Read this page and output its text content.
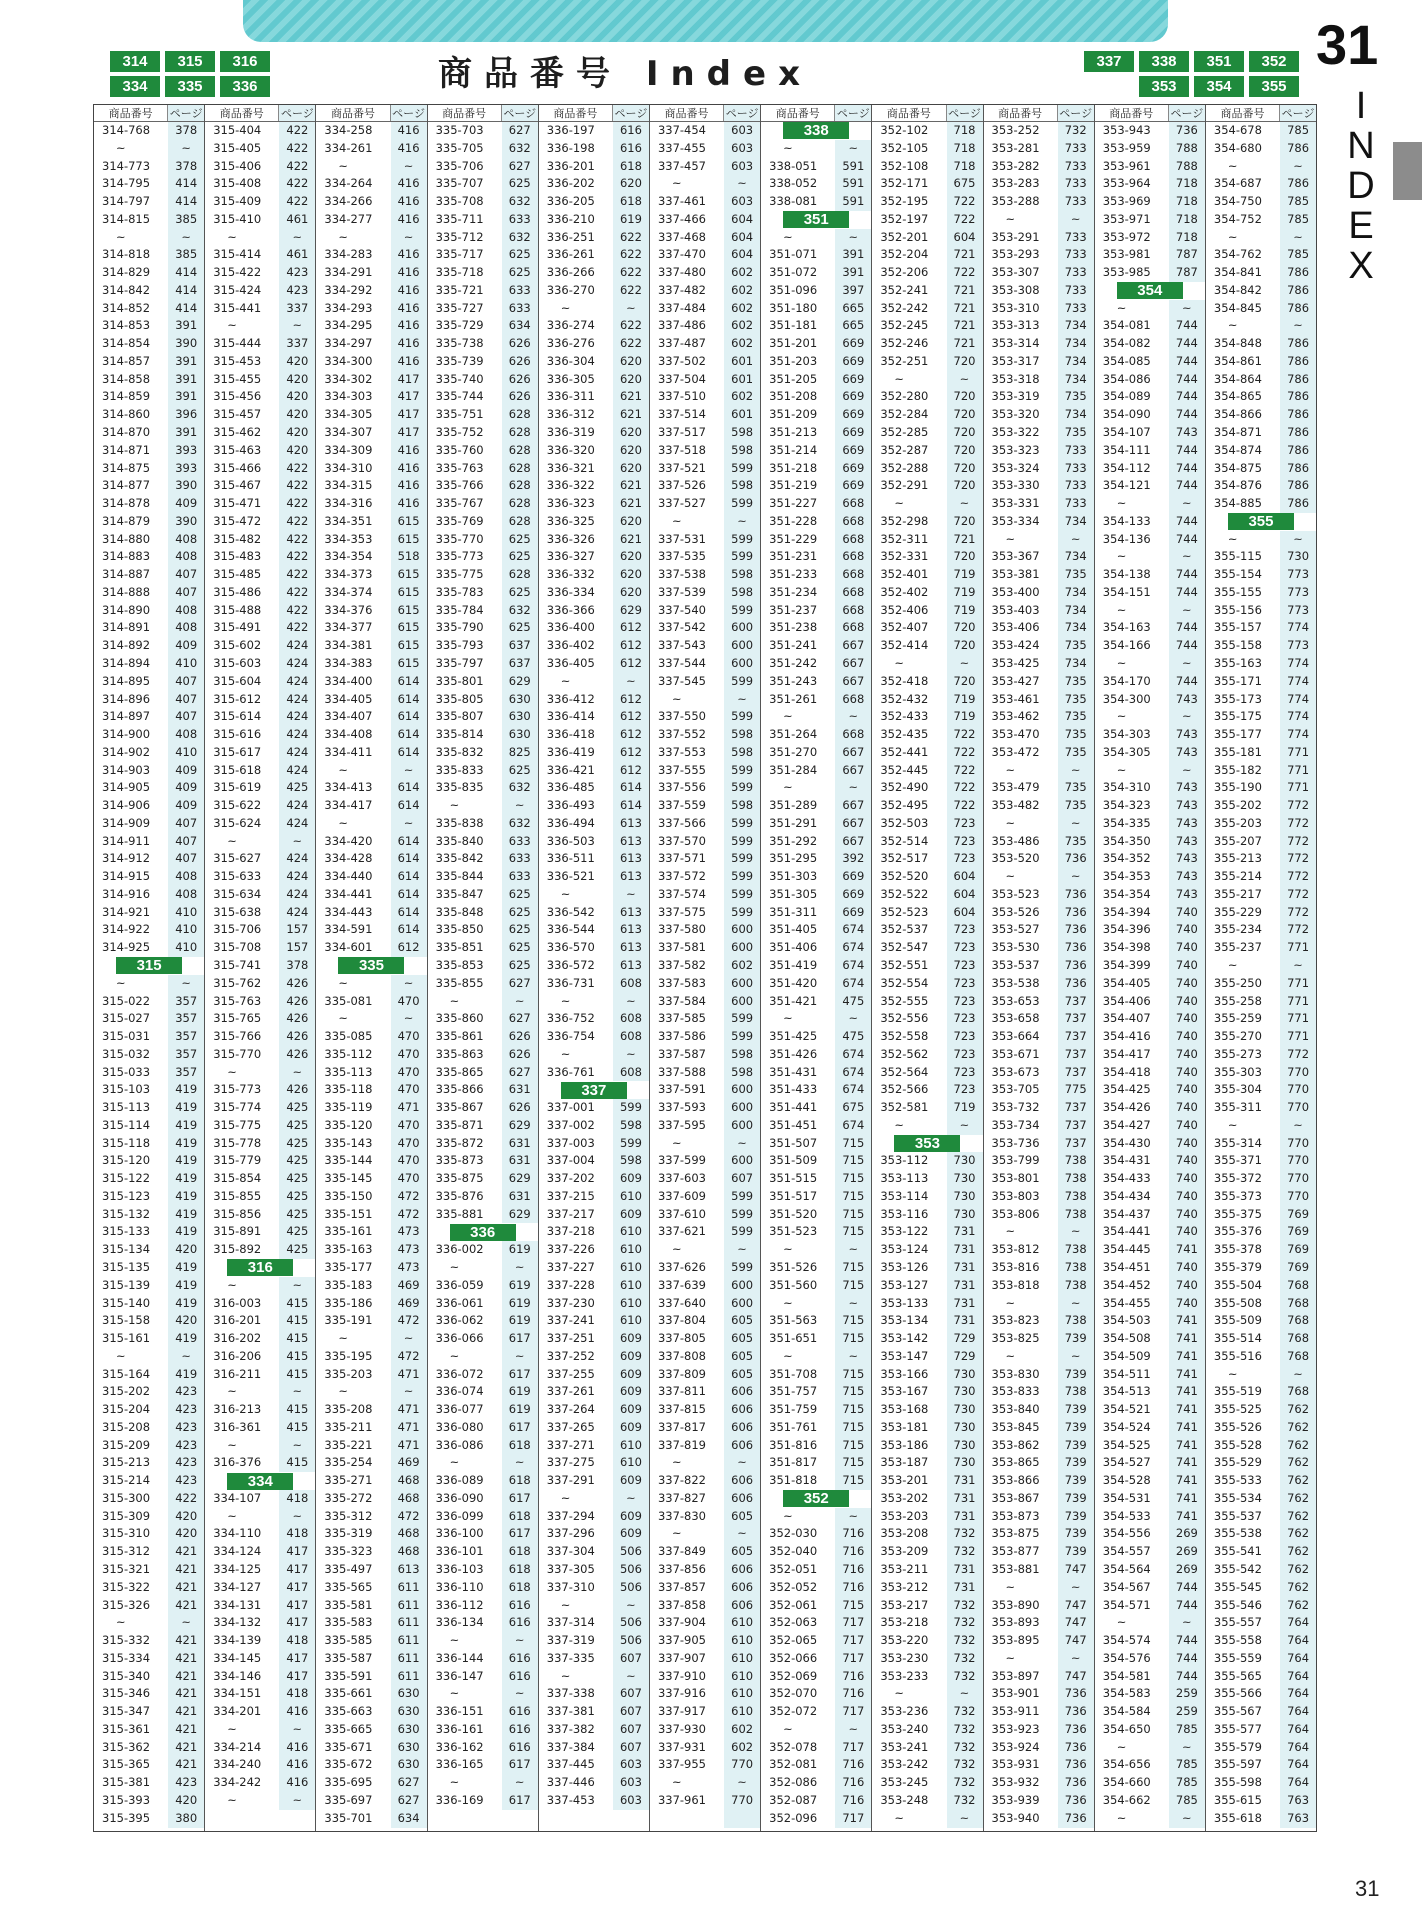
314	315	316
334	335	336
337	338	351	352
353	354	355
商品番号 Index	31
I
N
D
E
X
商品番号	ページ
314-768	378
~	~
314-773	378
314-795	414
314-797	414
314-815	385
~	~
314-818	385
314-829	414
314-842	414
314-852	414
314-853	391
314-854	390
314-857	391
314-858	391
314-859	391
314-860	396
314-870	391
314-871	393
314-875	393
314-877	390
314-878	409
314-879	390
314-880	408
314-883	408
314-887	407
314-888	407
314-890	408
314-891	408
314-892	409
314-894	410
314-895	407
314-896	407
314-897	407
314-900	408
314-902	410
314-903	409
314-905	409
314-906	409
314-909	407
314-911	407
314-912	407
314-915	408
314-916	408
314-921	410
314-922	410
314-925	410
315
~	~
315-022	357
315-027	357
315-031	357
315-032	357
315-033	357
315-103	419
315-113	419
315-114	419
315-118	419
315-120	419
315-122	419
315-123	419
315-132	419
315-133	419
315-134	420
315-135	419
315-139	419
315-140	419
315-158	420
315-161	419
~	~
315-164	419
315-202	423
315-204	423
315-208	423
315-209	423
315-213	423
315-214	423
315-300	422
315-309	420
315-310	420
315-312	421
315-321	421
315-322	421
315-326	421
~	~
315-332	421
315-334	421
315-340	421
315-346	421
315-347	421
315-361	421
315-362	421
315-365	421
315-381	423
315-393	420
315-395	380
商品番号	ページ
315-404	422
315-405	422
315-406	422
315-408	422
315-409	422
315-410	461
~	~
315-414	461
315-422	423
315-424	423
315-441	337
~	~
315-444	337
315-453	420
315-455	420
315-456	420
315-457	420
315-462	420
315-463	420
315-466	422
315-467	422
315-471	422
315-472	422
315-482	422
315-483	422
315-485	422
315-486	422
315-488	422
315-491	422
315-602	424
315-603	424
315-604	424
315-612	424
315-614	424
315-616	424
315-617	424
315-618	424
315-619	425
315-622	424
315-624	424
~	~
315-627	424
315-633	424
315-634	424
315-638	424
315-706	157
315-708	157
315-741	378
315-762	426
315-763	426
315-765	426
315-766	426
315-770	426
~	~
315-773	426
315-774	425
315-775	425
315-778	425
315-779	425
315-854	425
315-855	425
315-856	425
315-891	425
315-892	425
316
~	~
316-003	415
316-201	415
316-202	415
316-206	415
316-211	415
~	~
316-213	415
316-361	415
~	~
316-376	415
334
334-107	418
~	~
334-110	418
334-124	417
334-125	417
334-127	417
334-131	417
334-132	417
334-139	418
334-145	417
334-146	417
334-151	418
334-201	416
~	~
334-214	416
334-240	416
334-242	416
~	~
商品番号	ページ
334-258	416
334-261	416
~	~
334-264	416
334-266	416
334-277	416
~	~
334-283	416
334-291	416
334-292	416
334-293	416
334-295	416
334-297	416
334-300	416
334-302	417
334-303	417
334-305	417
334-307	417
334-309	416
334-310	416
334-315	416
334-316	416
334-351	615
334-353	615
334-354	518
334-373	615
334-374	615
334-376	615
334-377	615
334-381	615
334-383	615
334-400	614
334-405	614
334-407	614
334-408	614
334-411	614
~	~
334-413	614
334-417	614
~	~
334-420	614
334-428	614
334-440	614
334-441	614
334-443	614
334-591	614
334-601	612
335
~	~
335-081	470
~	~
335-085	470
335-112	470
335-113	470
335-118	470
335-119	471
335-120	470
335-143	470
335-144	470
335-145	470
335-150	472
335-151	472
335-161	473
335-163	473
335-177	473
335-183	469
335-186	469
335-191	472
~	~
335-195	472
335-203	471
~	~
335-208	471
335-211	471
335-221	471
335-254	469
335-271	468
335-272	468
335-312	472
335-319	468
335-323	468
335-497	613
335-565	611
335-581	611
335-583	611
335-585	611
335-587	611
335-591	611
335-661	630
335-663	630
335-665	630
335-671	630
335-672	630
335-695	627
335-697	627
335-701	634
商品番号	ページ
335-703	627
335-705	632
335-706	627
335-707	625
335-708	632
335-711	633
335-712	632
335-717	625
335-718	625
335-721	633
335-727	633
335-729	634
335-738	626
335-739	626
335-740	626
335-744	626
335-751	628
335-752	628
335-760	628
335-763	628
335-766	628
335-767	628
335-769	628
335-770	625
335-773	625
335-775	628
335-783	625
335-784	632
335-790	625
335-793	637
335-797	637
335-801	629
335-805	630
335-807	630
335-814	630
335-832	825
335-833	625
335-835	632
~	~
335-838	632
335-840	633
335-842	633
335-844	633
335-847	625
335-848	625
335-850	625
335-851	625
335-853	625
335-855	627
~	~
335-860	627
335-861	626
335-863	626
335-865	627
335-866	631
335-867	626
335-871	629
335-872	631
335-873	631
335-875	629
335-876	631
335-881	629
336
336-002	619
~	~
336-059	619
336-061	619
336-062	619
336-066	617
~	~
336-072	617
336-074	619
336-077	619
336-080	617
336-086	618
~	~
336-089	618
336-090	617
336-099	618
336-100	617
336-101	618
336-103	618
336-110	618
336-112	616
336-134	616
~	~
336-144	616
336-147	616
~	~
336-151	616
336-161	616
336-162	616
336-165	617
~	~
336-169	617
商品番号	ページ
336-197	616
336-198	616
336-201	618
336-202	620
336-205	618
336-210	619
336-251	622
336-261	622
336-266	622
336-270	622
~	~
336-274	622
336-276	622
336-304	620
336-305	620
336-311	621
336-312	621
336-319	620
336-320	620
336-321	620
336-322	621
336-323	621
336-325	620
336-326	621
336-327	620
336-332	620
336-334	620
336-366	629
336-400	612
336-402	612
336-405	612
~	~
336-412	612
336-414	612
336-418	612
336-419	612
336-421	612
336-485	614
336-493	614
336-494	613
336-503	613
336-511	613
336-521	613
~	~
336-542	613
336-544	613
336-570	613
336-572	613
336-731	608
~	~
336-752	608
336-754	608
~	~
336-761	608
337
337-001	599
337-002	598
337-003	599
337-004	598
337-202	609
337-215	610
337-217	609
337-218	610
337-226	610
337-227	610
337-228	610
337-230	610
337-241	610
337-251	609
337-252	609
337-255	609
337-261	609
337-264	609
337-265	609
337-271	610
337-275	610
337-291	609
~	~
337-294	609
337-296	609
337-304	506
337-305	506
337-310	506
~	~
337-314	506
337-319	506
337-335	607
~	~
337-338	607
337-381	607
337-382	607
337-384	607
337-445	603
337-446	603
337-453	603
商品番号	ページ
337-454	603
337-455	603
337-457	603
~	~
337-461	603
337-466	604
337-468	604
337-470	604
337-480	602
337-482	602
337-484	602
337-486	602
337-487	602
337-502	601
337-504	601
337-510	602
337-514	601
337-517	598
337-518	598
337-521	599
337-526	598
337-527	599
~	~
337-531	599
337-535	599
337-538	598
337-539	598
337-540	599
337-542	600
337-543	600
337-544	600
337-545	599
~	~
337-550	599
337-552	598
337-553	598
337-555	599
337-556	599
337-559	598
337-566	599
337-570	599
337-571	599
337-572	599
337-574	599
337-575	599
337-580	600
337-581	600
337-582	602
337-583	600
337-584	600
337-585	599
337-586	599
337-587	598
337-588	598
337-591	600
337-593	600
337-595	600
~	~
337-599	600
337-603	607
337-609	599
337-610	599
337-621	599
~	~
337-626	599
337-639	600
337-640	600
337-804	605
337-805	605
337-808	605
337-809	605
337-811	606
337-815	606
337-817	606
337-819	606
~	~
337-822	606
337-827	606
337-830	605
~	~
337-849	605
337-856	606
337-857	606
337-858	606
337-904	610
337-905	610
337-907	610
337-910	610
337-916	610
337-917	610
337-930	602
337-931	602
337-955	770
~	~
337-961	770
商品番号	ページ
338
~	~
338-051	591
338-052	591
338-081	591
351
~	~
351-071	391
351-072	391
351-096	397
351-180	665
351-181	665
351-201	669
351-203	669
351-205	669
351-208	669
351-209	669
351-213	669
351-214	669
351-218	669
351-219	669
351-227	668
351-228	668
351-229	668
351-231	668
351-233	668
351-234	668
351-237	668
351-238	668
351-241	667
351-242	667
351-243	667
351-261	668
~	~
351-264	668
351-270	667
351-284	667
~	~
351-289	667
351-291	667
351-292	667
351-295	392
351-303	669
351-305	669
351-311	669
351-405	674
351-406	674
351-419	674
351-420	674
351-421	475
~	~
351-425	475
351-426	674
351-431	674
351-433	674
351-441	675
351-451	674
351-507	715
351-509	715
351-515	715
351-517	715
351-520	715
351-523	715
~	~
351-526	715
351-560	715
~	~
351-563	715
351-651	715
~	~
351-708	715
351-757	715
351-759	715
351-761	715
351-816	715
351-817	715
351-818	715
352
~	~
352-030	716
352-040	716
352-051	716
352-052	716
352-061	715
352-063	717
352-065	717
352-066	717
352-069	716
352-070	716
352-072	717
~	~
352-078	717
352-081	716
352-086	716
352-087	716
352-096	717
商品番号	ページ
352-102	718
352-105	718
352-108	718
352-171	675
352-195	722
352-197	722
352-201	604
352-204	721
352-206	722
352-241	721
352-242	721
352-245	721
352-246	721
352-251	720
~	~
352-280	720
352-284	720
352-285	720
352-287	720
352-288	720
352-291	720
~	~
352-298	720
352-311	721
352-331	720
352-401	719
352-402	719
352-406	719
352-407	720
352-414	720
~	~
352-418	720
352-432	719
352-433	719
352-435	722
352-441	722
352-445	722
352-490	722
352-495	722
352-503	723
352-514	723
352-517	723
352-520	604
352-522	604
352-523	604
352-537	723
352-547	723
352-551	723
352-554	723
352-555	723
352-556	723
352-558	723
352-562	723
352-564	723
352-566	723
352-581	719
~	~
353
353-112	730
353-113	730
353-114	730
353-116	730
353-122	731
353-124	731
353-126	731
353-127	731
353-133	731
353-134	731
353-142	729
353-147	729
353-166	730
353-167	730
353-168	730
353-181	730
353-186	730
353-187	730
353-201	731
353-202	731
353-203	731
353-208	732
353-209	732
353-211	731
353-212	731
353-217	732
353-218	732
353-220	732
353-230	732
353-233	732
~	~
353-236	732
353-240	732
353-241	732
353-242	732
353-245	732
353-248	732
~	~
商品番号	ページ
353-252	732
353-281	733
353-282	733
353-283	733
353-288	733
~	~
353-291	733
353-293	733
353-307	733
353-308	733
353-310	733
353-313	734
353-314	734
353-317	734
353-318	734
353-319	735
353-320	734
353-322	735
353-323	733
353-324	733
353-330	733
353-331	733
353-334	734
~	~
353-367	734
353-381	735
353-400	734
353-403	734
353-406	734
353-424	735
353-425	734
353-427	735
353-461	735
353-462	735
353-470	735
353-472	735
~	~
353-479	735
353-482	735
~	~
353-486	735
353-520	736
~	~
353-523	736
353-526	736
353-527	736
353-530	736
353-537	736
353-538	736
353-653	737
353-658	737
353-664	737
353-671	737
353-673	737
353-705	775
353-732	737
353-734	737
353-736	737
353-799	738
353-801	738
353-803	738
353-806	738
~	~
353-812	738
353-816	738
353-818	738
~	~
353-823	738
353-825	739
~	~
353-830	739
353-833	738
353-840	739
353-845	739
353-862	739
353-865	739
353-866	739
353-867	739
353-873	739
353-875	739
353-877	739
353-881	747
~	~
353-890	747
353-893	747
353-895	747
~	~
353-897	747
353-901	736
353-911	736
353-923	736
353-924	736
353-931	736
353-932	736
353-939	736
353-940	736
商品番号	ページ
353-943	736
353-959	788
353-961	788
353-964	718
353-969	718
353-971	718
353-972	718
353-981	787
353-985	787
354
~	~
354-081	744
354-082	744
354-085	744
354-086	744
354-089	744
354-090	744
354-107	743
354-111	744
354-112	744
354-121	744
~	~
354-133	744
354-136	744
~	~
354-138	744
354-151	744
~	~
354-163	744
354-166	744
~	~
354-170	744
354-300	743
~	~
354-303	743
354-305	743
~	~
354-310	743
354-323	743
354-335	743
354-350	743
354-352	743
354-353	743
354-354	743
354-394	740
354-396	740
354-398	740
354-399	740
354-405	740
354-406	740
354-407	740
354-416	740
354-417	740
354-418	740
354-425	740
354-426	740
354-427	740
354-430	740
354-431	740
354-433	740
354-434	740
354-437	740
354-441	740
354-445	741
354-451	740
354-452	740
354-455	740
354-503	741
354-508	741
354-509	741
354-511	741
354-513	741
354-521	741
354-524	741
354-525	741
354-527	741
354-528	741
354-531	741
354-533	741
354-556	269
354-557	269
354-564	269
354-567	744
354-571	744
~	~
354-574	744
354-576	744
354-581	744
354-583	259
354-584	259
354-650	785
~	~
354-656	785
354-660	785
354-662	785
~	~
商品番号	ページ
354-678	785
354-680	786
~	~
354-687	786
354-750	785
354-752	785
~	~
354-762	785
354-841	786
354-842	786
354-845	786
~	~
354-848	786
354-861	786
354-864	786
354-865	786
354-866	786
354-871	786
354-874	786
354-875	786
354-876	786
354-885	786
355
~	~
355-115	730
355-154	773
355-155	773
355-156	773
355-157	774
355-158	773
355-163	774
355-171	774
355-173	774
355-175	774
355-177	774
355-181	771
355-182	771
355-190	771
355-202	772
355-203	772
355-207	772
355-213	772
355-214	772
355-217	772
355-229	772
355-234	772
355-237	771
~	~
355-250	771
355-258	771
355-259	771
355-270	771
355-273	772
355-303	770
355-304	770
355-311	770
~	~
355-314	770
355-371	770
355-372	770
355-373	770
355-375	769
355-376	769
355-378	769
355-379	769
355-504	768
355-508	768
355-509	768
355-514	768
355-516	768
~	~
355-519	768
355-525	762
355-526	762
355-528	762
355-529	762
355-533	762
355-534	762
355-537	762
355-538	762
355-541	762
355-542	762
355-545	762
355-546	762
355-557	764
355-558	764
355-559	764
355-565	764
355-566	764
355-567	764
355-577	764
355-579	764
355-597	764
355-598	764
355-615	763
355-618	763
31
